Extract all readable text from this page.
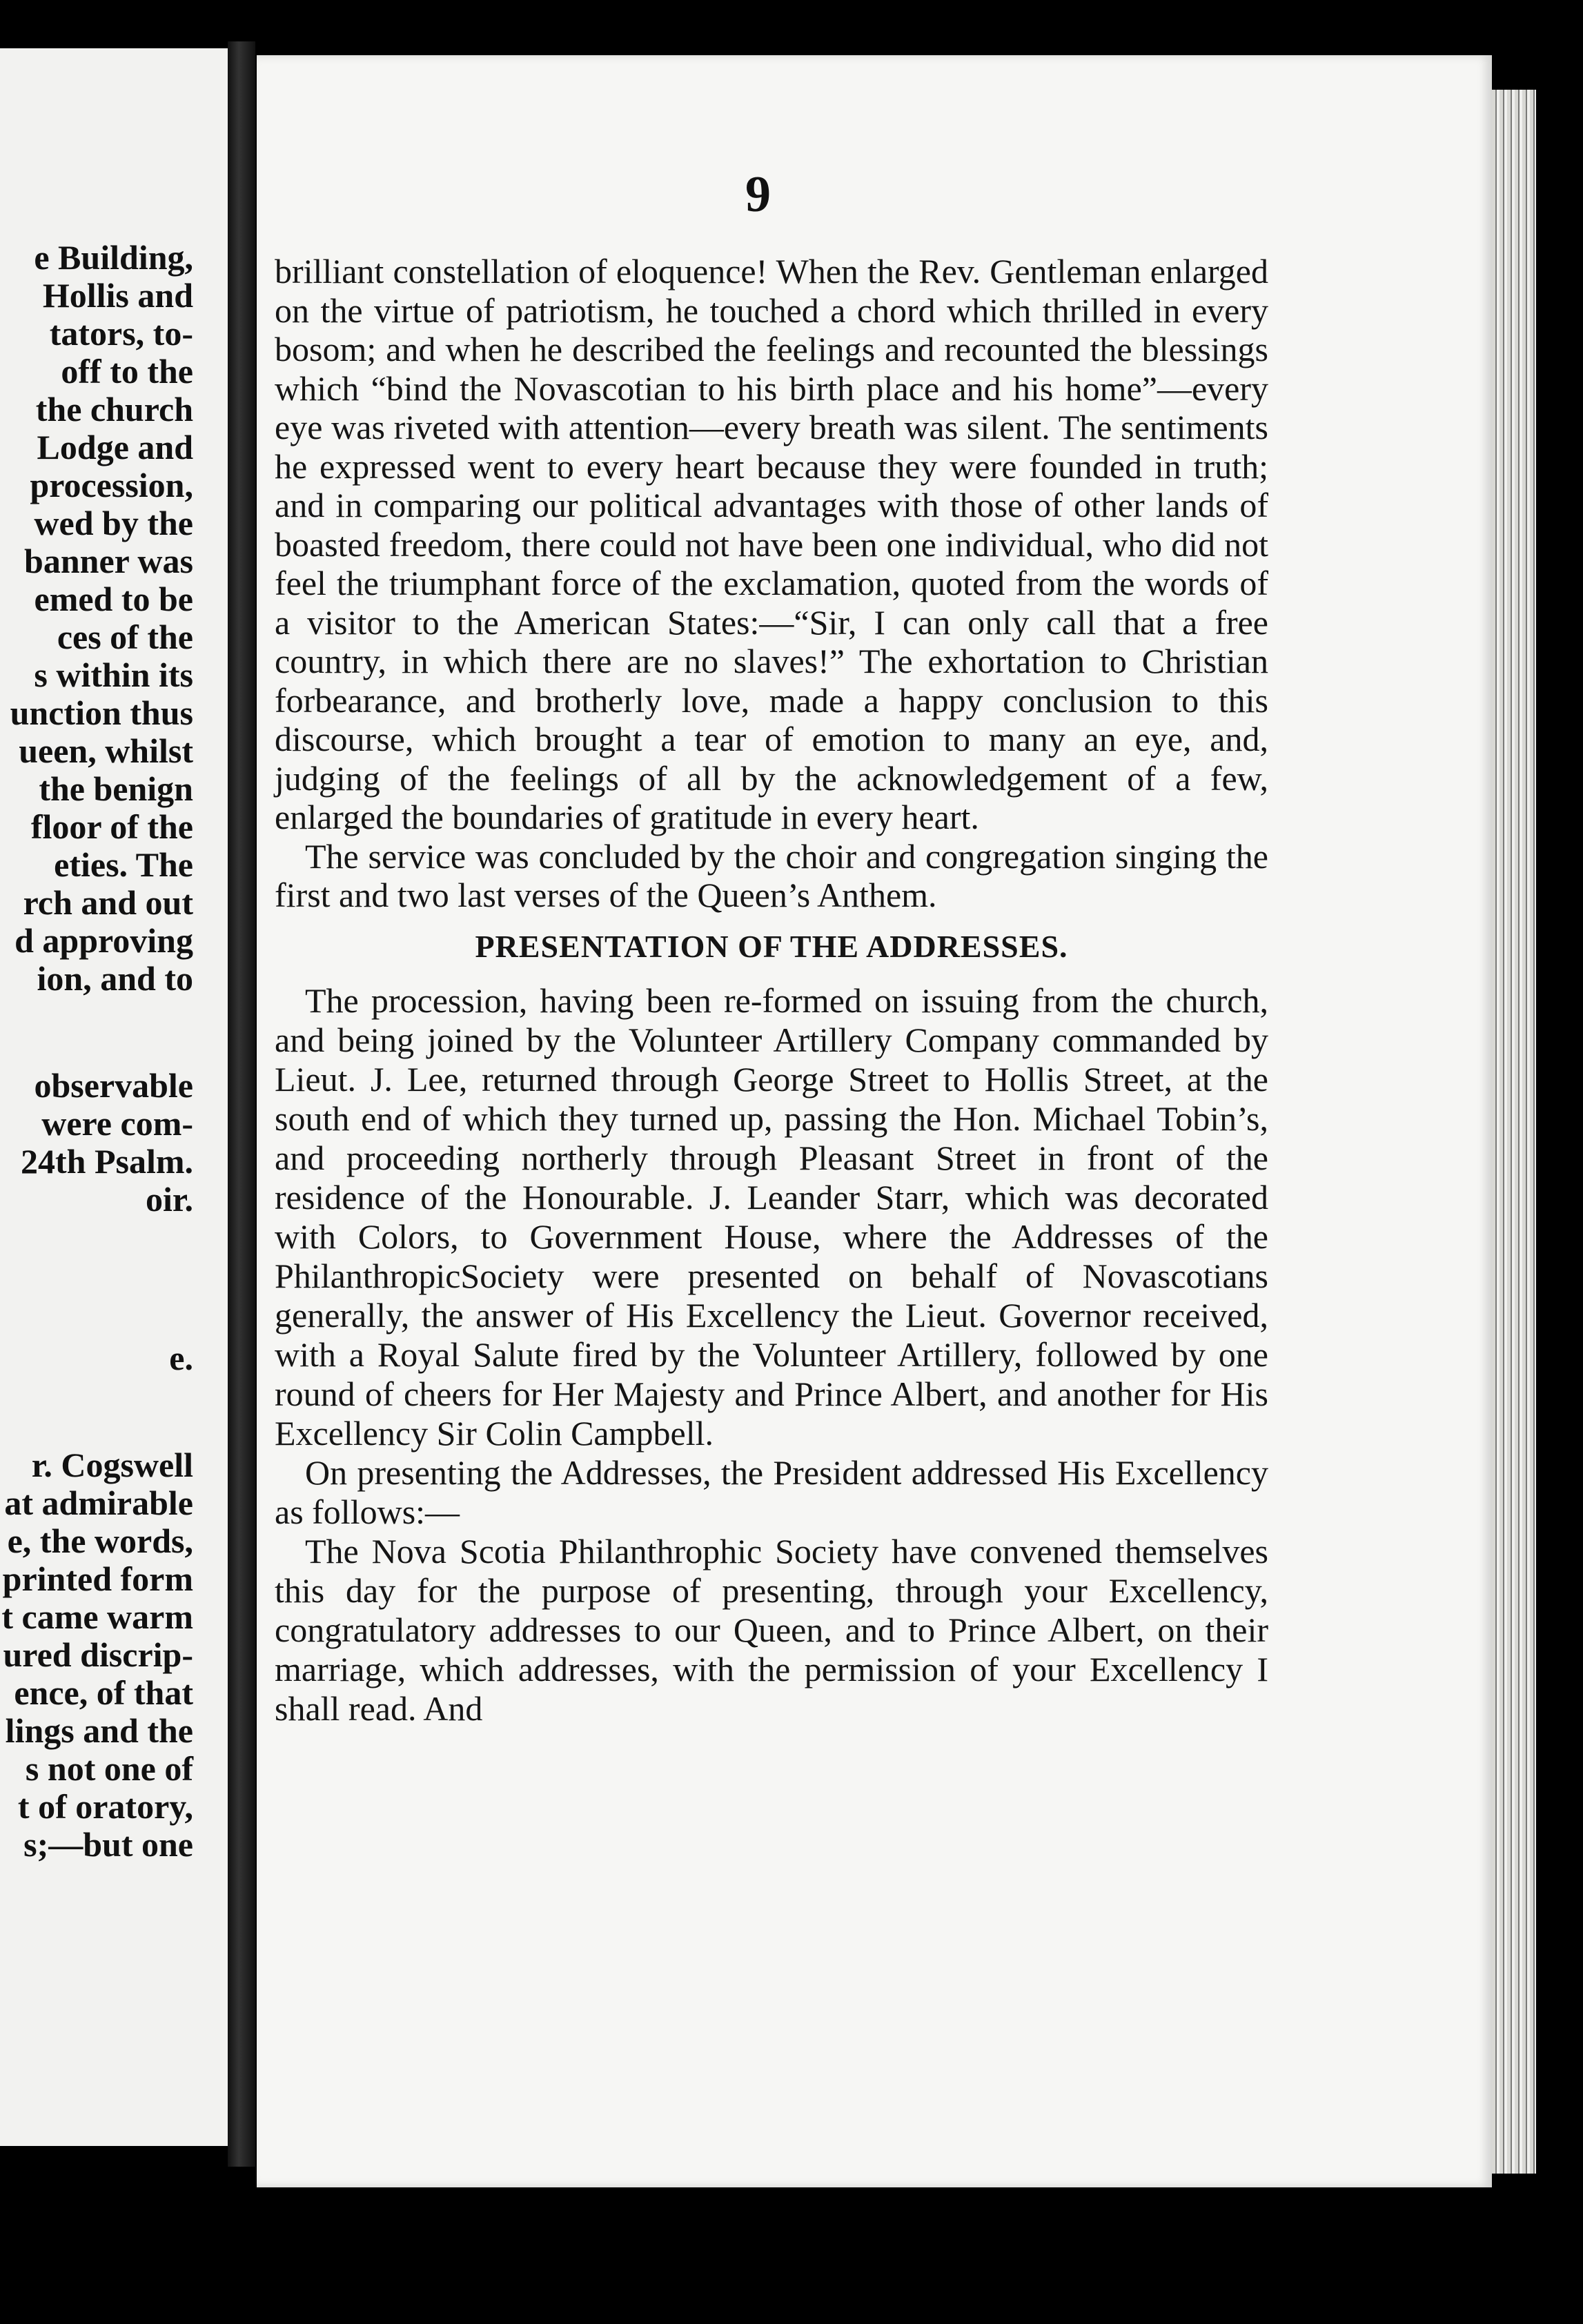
e Building,
Hollis and
tators, to-
off to the
the church
Lodge and
procession,
wed by the
banner was
emed to be
ces of the
s within its
unction thus
ueen, whilst
the benign
floor of the
eties. The
rch and out
d approving
ion, and to
observable
were com-
24th Psalm.
oir.
e.
r. Cogswell
at admirable
e, the words,
printed form
t came warm
ured discrip-
ence, of that
lings and the
s not one of
t of oratory,
s;—but one
9

brilliant constellation of eloquence! When the Rev. Gentleman enlarged on the virtue of patriotism, he touched a chord which thrilled in every bosom; and when he described the feelings and recounted the blessings which “bind the Novascotian to his birth place and his home”—every eye was riveted with attention—every breath was silent. The sentiments he expressed went to every heart because they were founded in truth; and in comparing our political advantages with those of other lands of boasted freedom, there could not have been one individual, who did not feel the triumphant force of the exclamation, quoted from the words of a visitor to the American States:—“Sir, I can only call that a free country, in which there are no slaves!” The exhortation to Christian forbearance, and brotherly love, made a happy conclusion to this discourse, which brought a tear of emotion to many an eye, and, judging of the feelings of all by the acknowledgement of a few, enlarged the boundaries of gratitude in every heart.

The service was concluded by the choir and congregation singing the first and two last verses of the Queen’s Anthem.

PRESENTATION OF THE ADDRESSES.

The procession, having been re-formed on issuing from the church, and being joined by the Volunteer Artillery Company commanded by Lieut. J. Lee, returned through George Street to Hollis Street, at the south end of which they turned up, passing the Hon. Michael Tobin’s, and proceeding northerly through Pleasant Street in front of the residence of the Honourable. J. Leander Starr, which was decorated with Colors, to Government House, where the Addresses of the PhilanthropicSociety were presented on behalf of Novascotians generally, the answer of His Excellency the Lieut. Governor received, with a Royal Salute fired by the Volunteer Artillery, followed by one round of cheers for Her Majesty and Prince Albert, and another for His Excellency Sir Colin Campbell.

On presenting the Addresses, the President addressed His Excellency as follows:—

The Nova Scotia Philanthrophic Society have convened themselves this day for the purpose of presenting, through your Excellency, congratulatory addresses to our Queen, and to Prince Albert, on their marriage, which addresses, with the permission of your Excellency I shall read. And
